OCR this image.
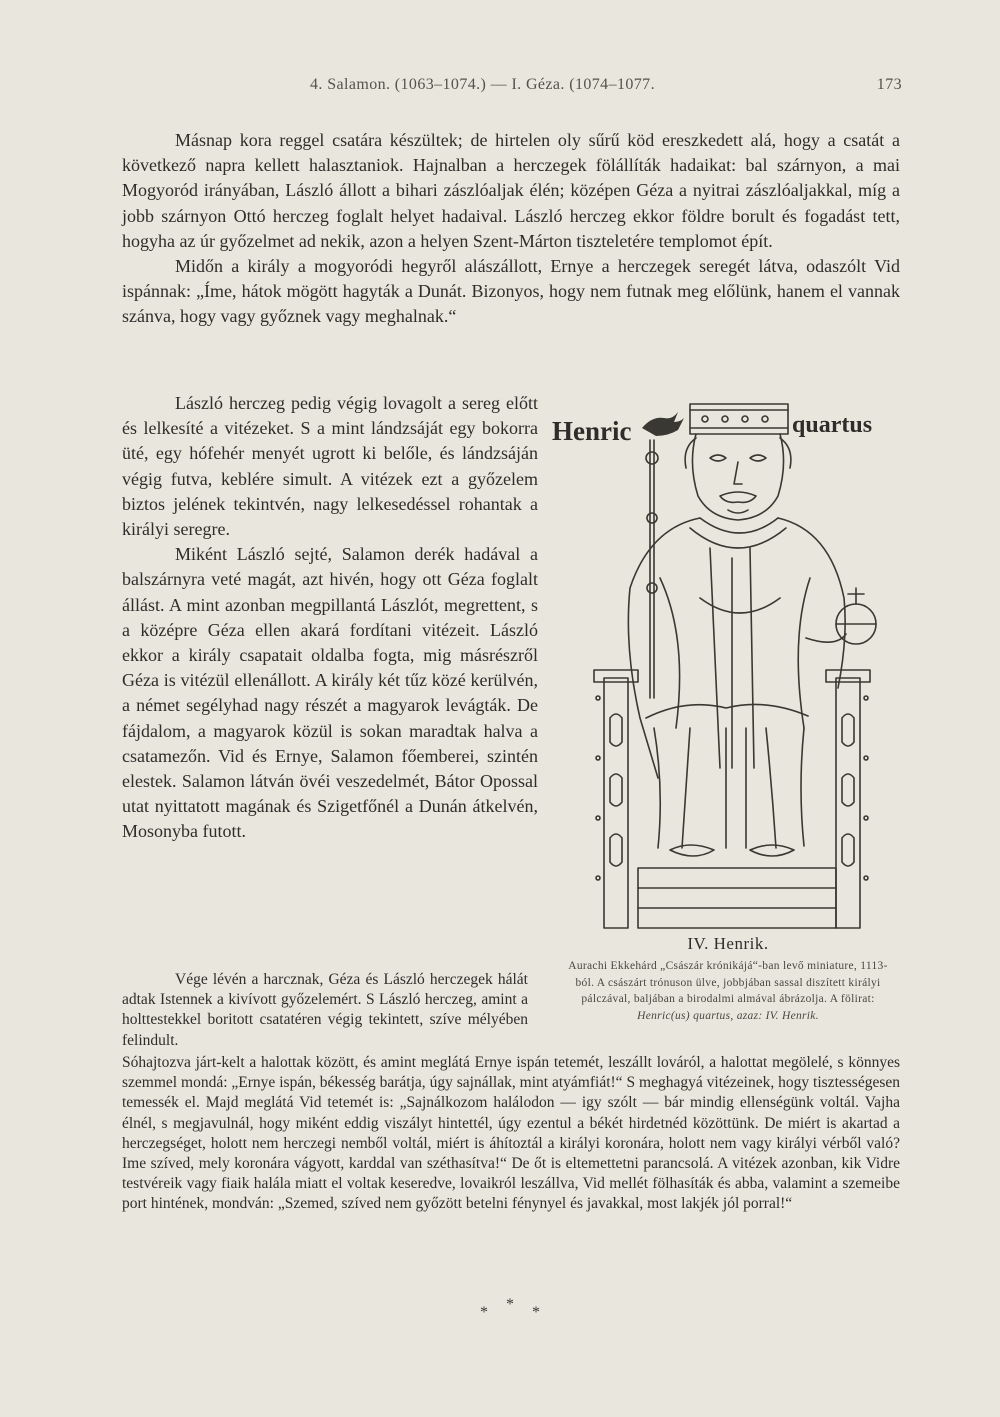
4. Salamon. (1063–1074.) — I. Géza. (1074–1077.	173

Másnap kora reggel csatára készültek; de hirtelen oly sűrű köd ereszkedett alá, hogy a csatát a következő napra kellett halasztaniok. Hajnalban a herczegek fölállíták hadaikat: bal szárnyon, a mai Mogyoród irányában, László állott a bihari zászlóaljak élén; középen Géza a nyitrai zászlóaljakkal, míg a jobb szárnyon Ottó herczeg foglalt helyet hadaival. László herczeg ekkor földre borult és fogadást tett, hogyha az úr győzelmet ad nekik, azon a helyen Szent-Márton tiszteletére templomot épít.

Midőn a király a mogyoródi hegyről alászállott, Ernye a herczegek seregét látva, odaszólt Vid ispánnak: „Íme, hátok mögött hagyták a Dunát. Bizonyos, hogy nem futnak meg előlünk, hanem el vannak szánva, hogy vagy győznek vagy meghalnak.“

László herczeg pedig végig lovagolt a sereg előtt és lelkesíté a vitézeket. S a mint lándzsáját egy bokorra üté, egy hófehér menyét ugrott ki belőle, és lándzsáján végig futva, keblére simult. A vitézek ezt a győzelem biztos jelének tekintvén, nagy lelkesedéssel rohantak a királyi seregre.

Miként László sejté, Salamon derék hadával a balszárnyra veté magát, azt hivén, hogy ott Géza foglalt állást. A mint azonban megpillantá Lászlót, megrettent, s a középre Géza ellen akará fordítani vitézeit. László ekkor a király csapatait oldalba fogta, mig másrészről Géza is vitézül ellenállott. A király két tűz közé kerülvén, a német segélyhad nagy részét a magyarok levágták. De fájdalom, a magyarok közül is sokan maradtak halva a csatamezőn. Vid és Ernye, Salamon főemberei, szintén elestek. Salamon látván övéi veszedelmét, Bátor Opossal utat nyittatott magának és Szigetfőnél a Dunán átkelvén, Mosonyba futott.

Vége lévén a harcznak, Géza és László herczegek hálát adtak Istennek a kivívott győzelemért. S László herczeg, amint a holttestekkel boritott csatatéren végig tekintett, szíve mélyében felindult.

Sóhajtozva járt-kelt a halottak között, és amint meglátá Ernye ispán tetemét, leszállt lováról, a halottat megölelé, s könnyes szemmel mondá: „Ernye ispán, békesség barátja, úgy sajnállak, mint atyámfiát!“ S meghagyá vitézeinek, hogy tisztességesen temessék el. Majd meglátá Vid tetemét is: „Sajnálkozom halálodon — igy szólt — bár mindig ellenségünk voltál. Vajha élnél, s megjavulnál, hogy miként eddig viszályt hintettél, úgy ezentul a békét hirdetnéd közöttünk. De miért is akartad a herczegséget, holott nem herczegi nemből voltál, miért is áhítoztál a királyi koronára, holott nem vagy királyi vérből való? Ime szíved, mely koronára vágyott, karddal van széthasítva!“ De őt is eltemettetni parancsolá. A vitézek azonban, kik Vidre testvéreik vagy fiaik halála miatt el voltak keseredve, lovaikról leszállva, Vid mellét fölhasíták és abba, valamint a szemeibe port hintének, mondván: „Szemed, szíved nem győzött betelni fénynyel és javakkal, most lakjék jól porral!“

* * *
Henric	quartus
IV. Henrik.
Aurachi Ekkehárd „Császár krónikájá“-ban levő miniature, 1113-ból. A császárt trónuson ülve, jobbjában sassal diszített királyi pálczával, baljában a birodalmi almával ábrázolja. A fölirat:
Henric(us) quartus, azaz: IV. Henrik.
